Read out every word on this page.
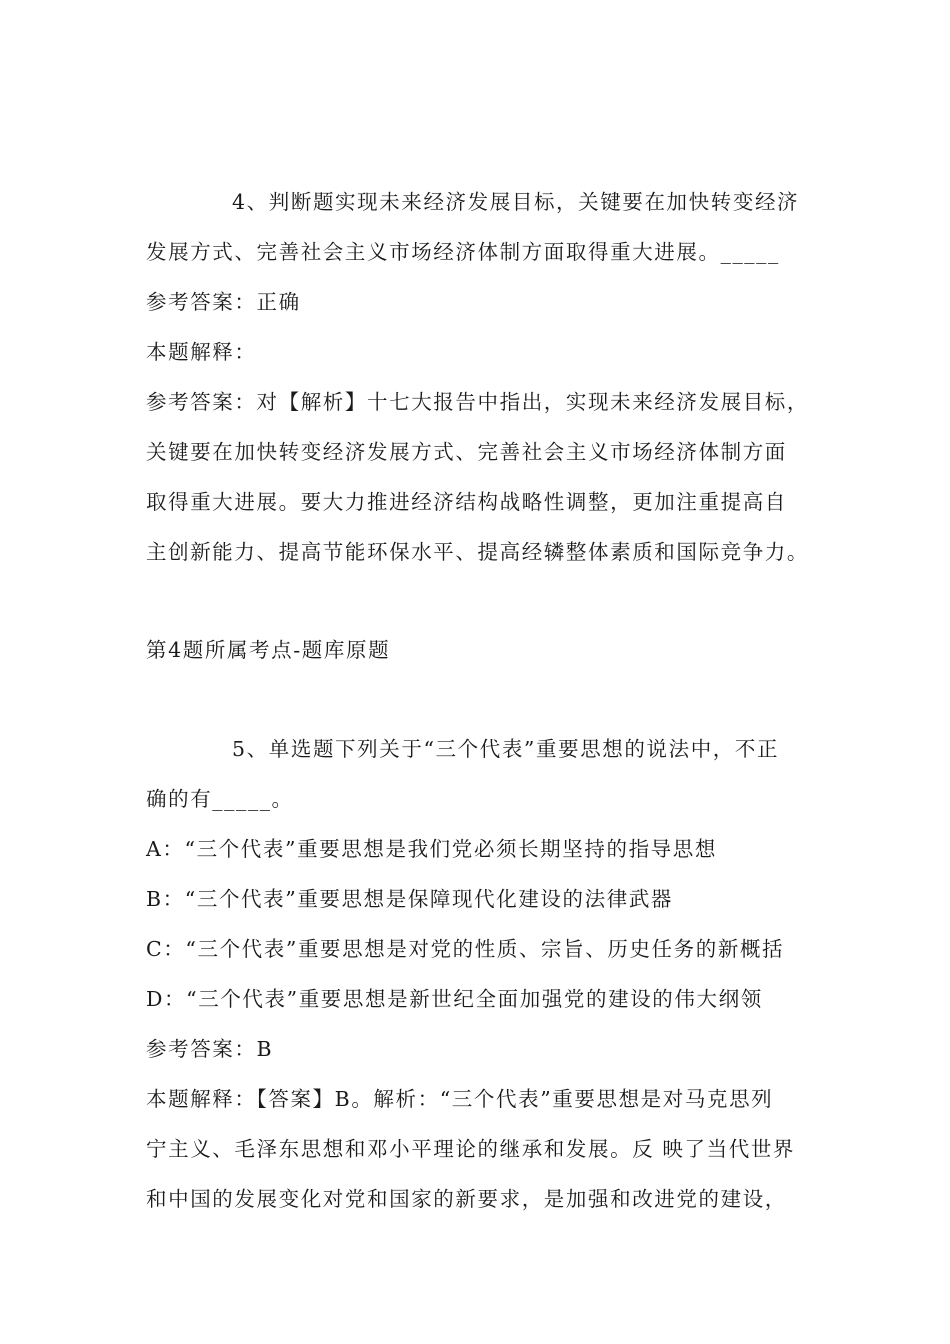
4、判断题实现未来经济发展目标，关键要在加快转变经济

发展方式、完善社会主义市场经济体制方面取得重大进展。_____

参考答案：正确

本题解释：

参考答案：对【解析】十七大报告中指出，实现未来经济发展目标，

关键要在加快转变经济发展方式、完善社会主义市场经济体制方面

取得重大进展。要大力推进经济结构战略性调整，更加注重提高自

主创新能力、提高节能环保水平、提高经辚整体素质和国际竞争力。

第4题所属考点-题库原题

5、单选题下列关于“三个代表”重要思想的说法中，不正

确的有_____。

A：“三个代表”重要思想是我们党必须长期坚持的指导思想

B：“三个代表”重要思想是保障现代化建设的法律武器

C：“三个代表”重要思想是对党的性质、宗旨、历史任务的新概括

D：“三个代表”重要思想是新世纪全面加强党的建设的伟大纲领

参考答案：B

本题解释：【答案】B。解析：“三个代表”重要思想是对马克思列

宁主义、毛泽东思想和邓小平理论的继承和发展。反 映了当代世界

和中国的发展变化对党和国家的新要求，是加强和改进党的建设，
